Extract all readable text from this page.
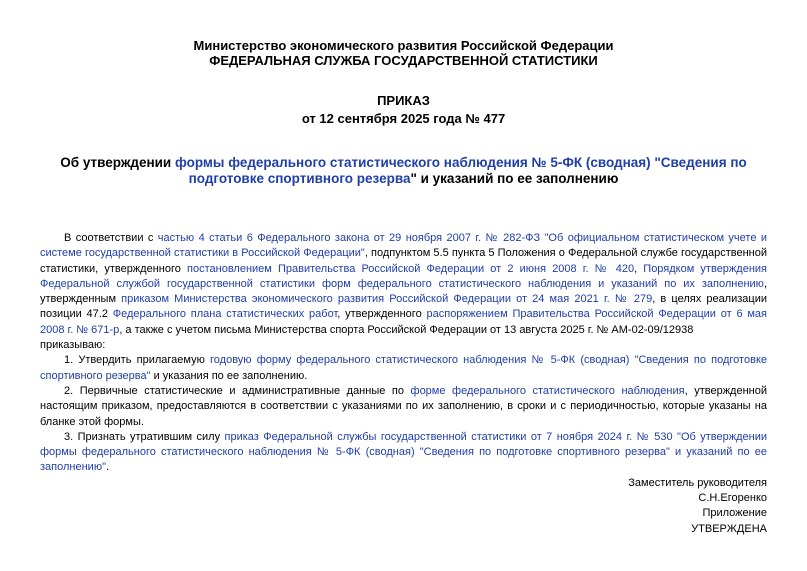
Министерство экономического развития Российской Федерации
ФЕДЕРАЛЬНАЯ СЛУЖБА ГОСУДАРСТВЕННОЙ СТАТИСТИКИ
ПРИКАЗ
от 12 сентября 2025 года № 477
Об утверждении формы федерального статистического наблюдения № 5-ФК (сводная) "Сведения по подготовке спортивного резерва" и указаний по ее заполнению

В соответствии с частью 4 статьи 6 Федерального закона от 29 ноября 2007 г. № 282-ФЗ "Об официальном статистическом учете и системе государственной статистики в Российской Федерации", подпунктом 5.5 пункта 5 Положения о Федеральной службе государственной статистики, утвержденного постановлением Правительства Российской Федерации от 2 июня 2008 г. № 420, Порядком утверждения Федеральной службой государственной статистики форм федерального статистического наблюдения и указаний по их заполнению, утвержденным приказом Министерства экономического развития Российской Федерации от 24 мая 2021 г. № 279, в целях реализации позиции 47.2 Федерального плана статистических работ, утвержденного распоряжением Правительства Российской Федерации от 6 мая 2008 г. № 671-р, а также с учетом письма Министерства спорта Российской Федерации от 13 августа 2025 г. № АМ-02-09/12938

приказываю:

1. Утвердить прилагаемую годовую форму федерального статистического наблюдения № 5-ФК (сводная) "Сведения по подготовке спортивного резерва" и указания по ее заполнению.

2. Первичные статистические и административные данные по форме федерального статистического наблюдения, утвержденной настоящим приказом, предоставляются в соответствии с указаниями по их заполнению, в сроки и с периодичностью, которые указаны на бланке этой формы.

3. Признать утратившим силу приказ Федеральной службы государственной статистики от 7 ноября 2024 г. № 530 "Об утверждении формы федерального статистического наблюдения № 5-ФК (сводная) "Сведения по подготовке спортивного резерва" и указаний по ее заполнению".

Заместитель руководителя

С.Н.Егоренко

Приложение

УТВЕРЖДЕНА
